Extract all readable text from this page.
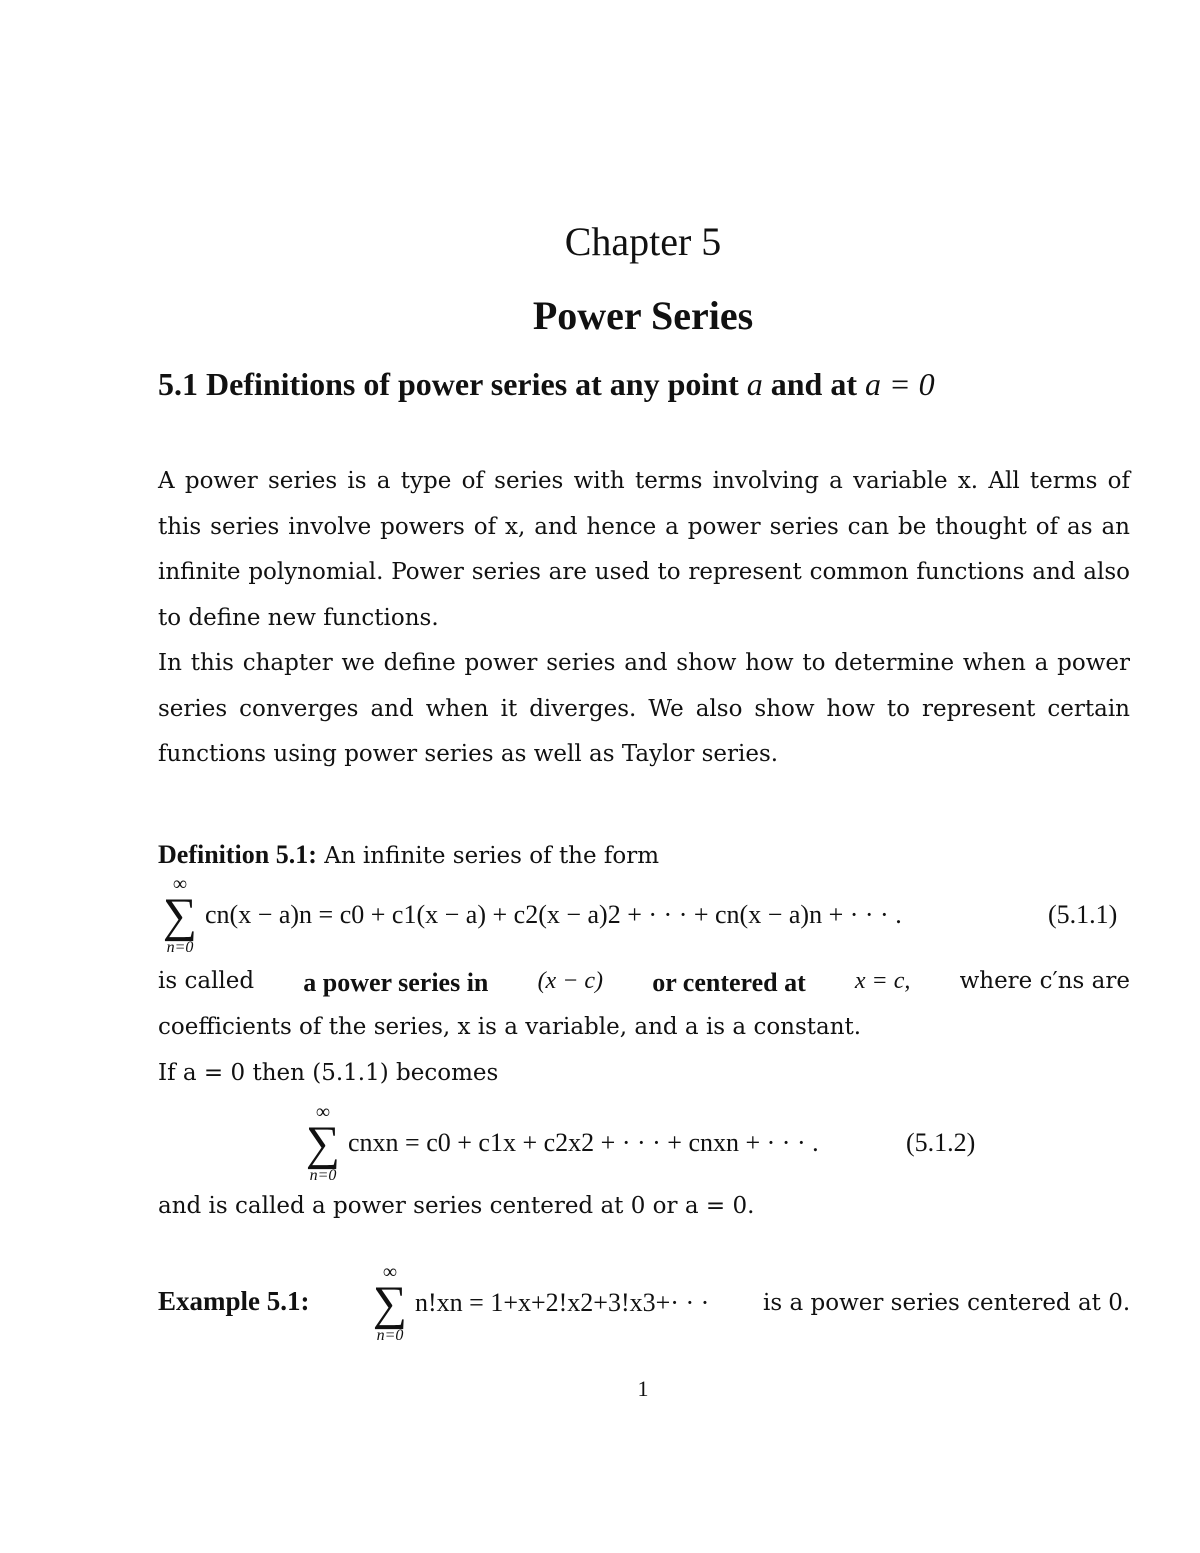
Chapter 5
Power Series
5.1 Definitions of power series at any point a and at a = 0

A power series is a type of series with terms involving a variable x. All terms of this series involve powers of x, and hence a power series can be thought of as an infinite polynomial. Power series are used to represent common functions and also to define new functions.

In this chapter we define power series and show how to determine when a power series converges and when it diverges. We also show how to represent certain functions using power series as well as Taylor series.

Definition 5.1: An infinite series of the form
∞
∑
n=0
cn(x − a)n = c0 + c1(x − a) + c2(x − a)2 + · · · + cn(x − a)n + · · · .	(5.1.1)
is called a power series in (x − c) or centered at x = c, where c′ns are
coefficients of the series, x is a variable, and a is a constant.
If a = 0 then (5.1.1) becomes
∞
∑
n=0
cnxn = c0 + c1x + c2x2 + · · · + cnxn + · · · .	(5.1.2)
and is called a power series centered at 0 or a = 0.
Example 5.1:
∞
∑
n=0
n!xn = 1+x+2!x2+3!x3+· · · is a power series centered at 0.
1
